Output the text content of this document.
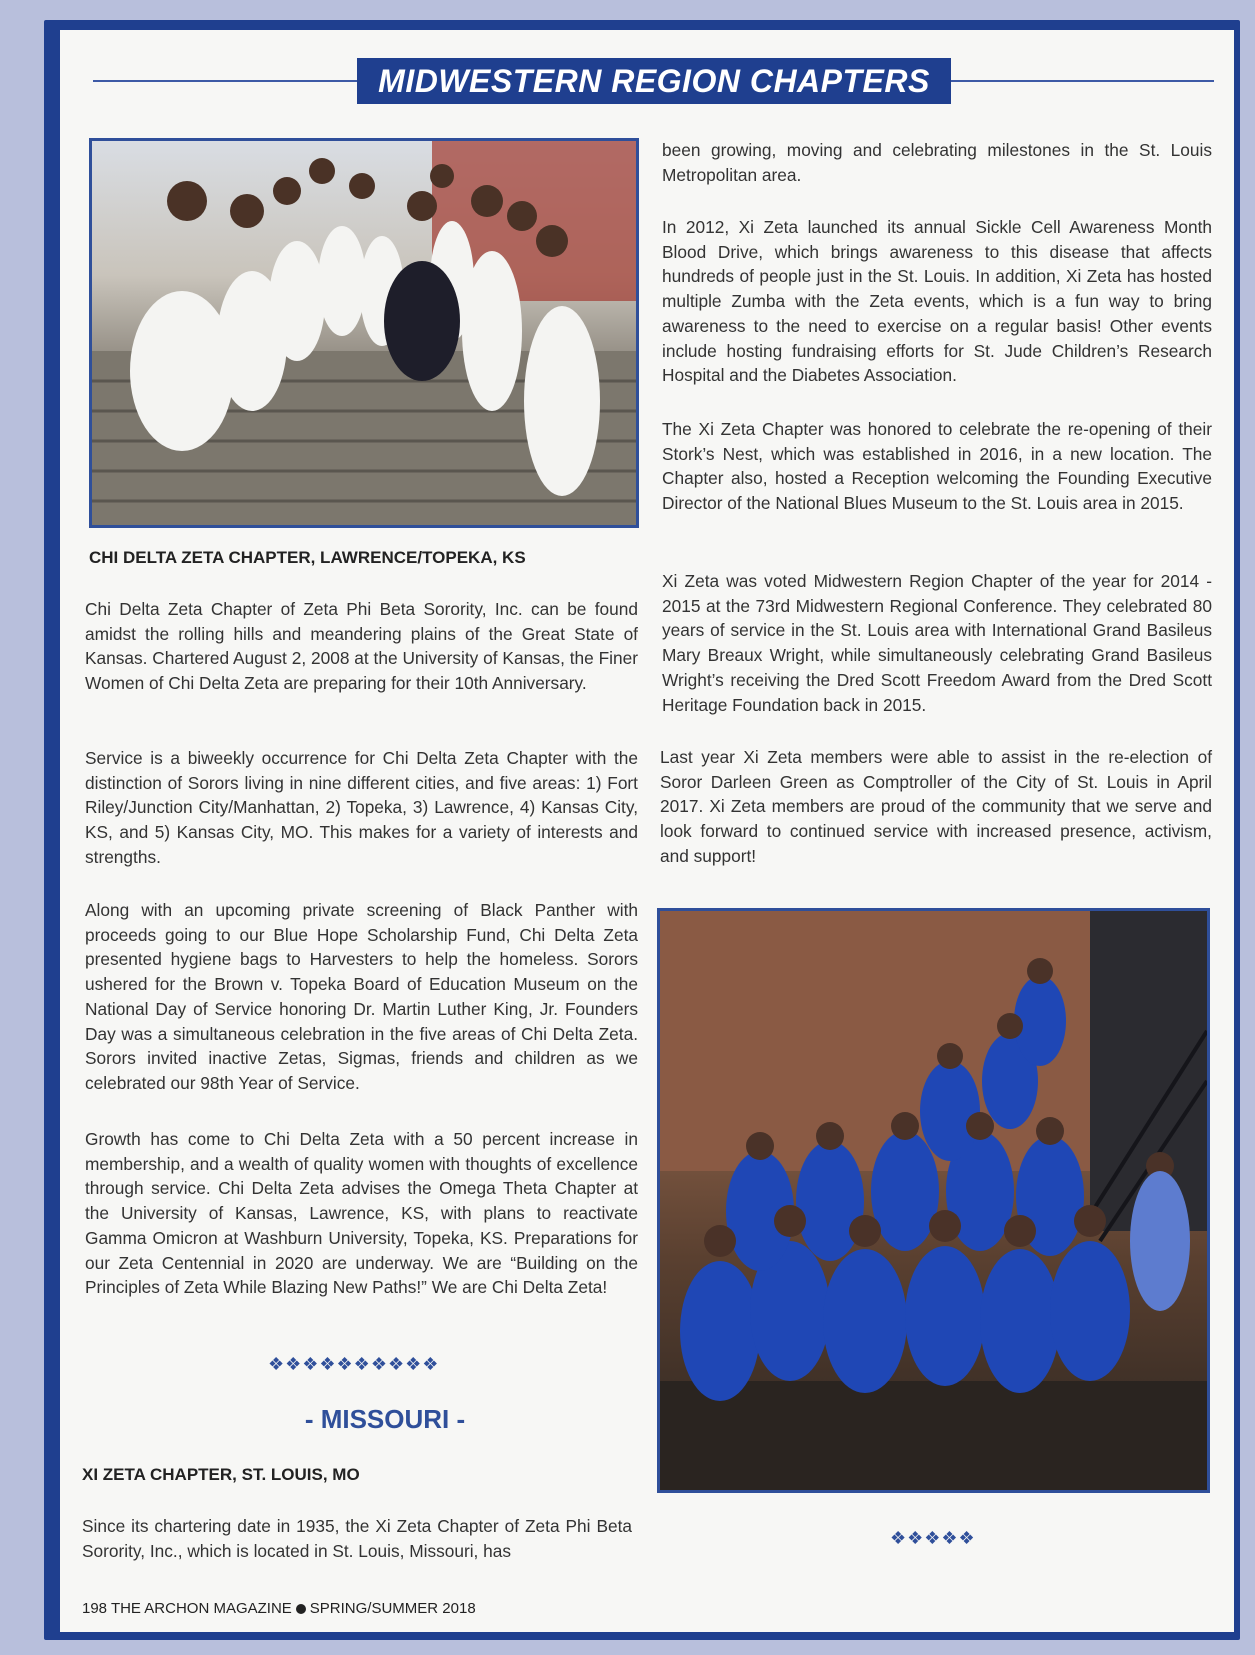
MIDWESTERN REGION CHAPTERS
CHI DELTA ZETA CHAPTER, LAWRENCE/TOPEKA, KS

Chi Delta Zeta Chapter of Zeta Phi Beta Sorority, Inc. can be found amidst the rolling hills and meandering plains of the Great State of Kansas. Chartered August 2, 2008 at the University of Kansas, the Finer Women of Chi Delta Zeta are preparing for their 10th Anniversary.

Service is a biweekly occurrence for Chi Delta Zeta Chapter with the distinction of Sorors living in nine different cities, and five areas: 1) Fort Riley/Junction City/Manhattan, 2) Topeka, 3) Lawrence, 4) Kansas City, KS, and 5) Kansas City, MO. This makes for a variety of interests and strengths.

Along with an upcoming private screening of Black Panther with proceeds going to our Blue Hope Scholarship Fund, Chi Delta Zeta presented hygiene bags to Harvesters to help the homeless. Sorors ushered for the Brown v. Topeka Board of Education Museum on the National Day of Service honoring Dr. Martin Luther King, Jr. Founders Day was a simultaneous celebration in the five areas of Chi Delta Zeta. Sorors invited inactive Zetas, Sigmas, friends and children as we celebrated our 98th Year of Service.

Growth has come to Chi Delta Zeta with a 50 percent increase in membership, and a wealth of quality women with thoughts of excellence through service. Chi Delta Zeta advises the Omega Theta Chapter at the University of Kansas, Lawrence, KS, with plans to reactivate Gamma Omicron at Washburn University, Topeka, KS. Preparations for our Zeta Centennial in 2020 are underway. We are “Building on the Principles of Zeta While Blazing New Paths!” We are Chi Delta Zeta!

❖❖❖❖❖❖❖❖❖❖
- MISSOURI -
XI ZETA CHAPTER, ST. LOUIS, MO

Since its chartering date in 1935, the Xi Zeta Chapter of Zeta Phi Beta Sorority, Inc., which is located in St. Louis, Missouri, has

been growing, moving and celebrating milestones in the St. Louis Metropolitan area.

In 2012, Xi Zeta launched its annual Sickle Cell Awareness Month Blood Drive, which brings awareness to this disease that affects hundreds of people just in the St. Louis. In addition, Xi Zeta has hosted multiple Zumba with the Zeta events, which is a fun way to bring awareness to the need to exercise on a regular basis! Other events include hosting fundraising efforts for St. Jude Children’s Research Hospital and the Diabetes Association.

The Xi Zeta Chapter was honored to celebrate the re-opening of their Stork’s Nest, which was established in 2016, in a new location. The Chapter also, hosted a Reception welcoming the Founding Executive Director of the National Blues Museum to the St. Louis area in 2015.

Xi Zeta was voted Midwestern Region Chapter of the year for 2014 - 2015 at the 73rd Midwestern Regional Conference. They celebrated 80 years of service in the St. Louis area with International Grand Basileus Mary Breaux Wright, while simultaneously celebrating Grand Basileus Wright’s receiving the Dred Scott Freedom Award from the Dred Scott Heritage Foundation back in 2015.

Last year Xi Zeta members were able to assist in the re-election of Soror Darleen Green as Comptroller of the City of St. Louis in April 2017. Xi Zeta members are proud of the community that we serve and look forward to continued service with increased presence, activism, and support!

❖❖❖❖❖
198 THE ARCHON MAGAZINE SPRING/SUMMER 2018
